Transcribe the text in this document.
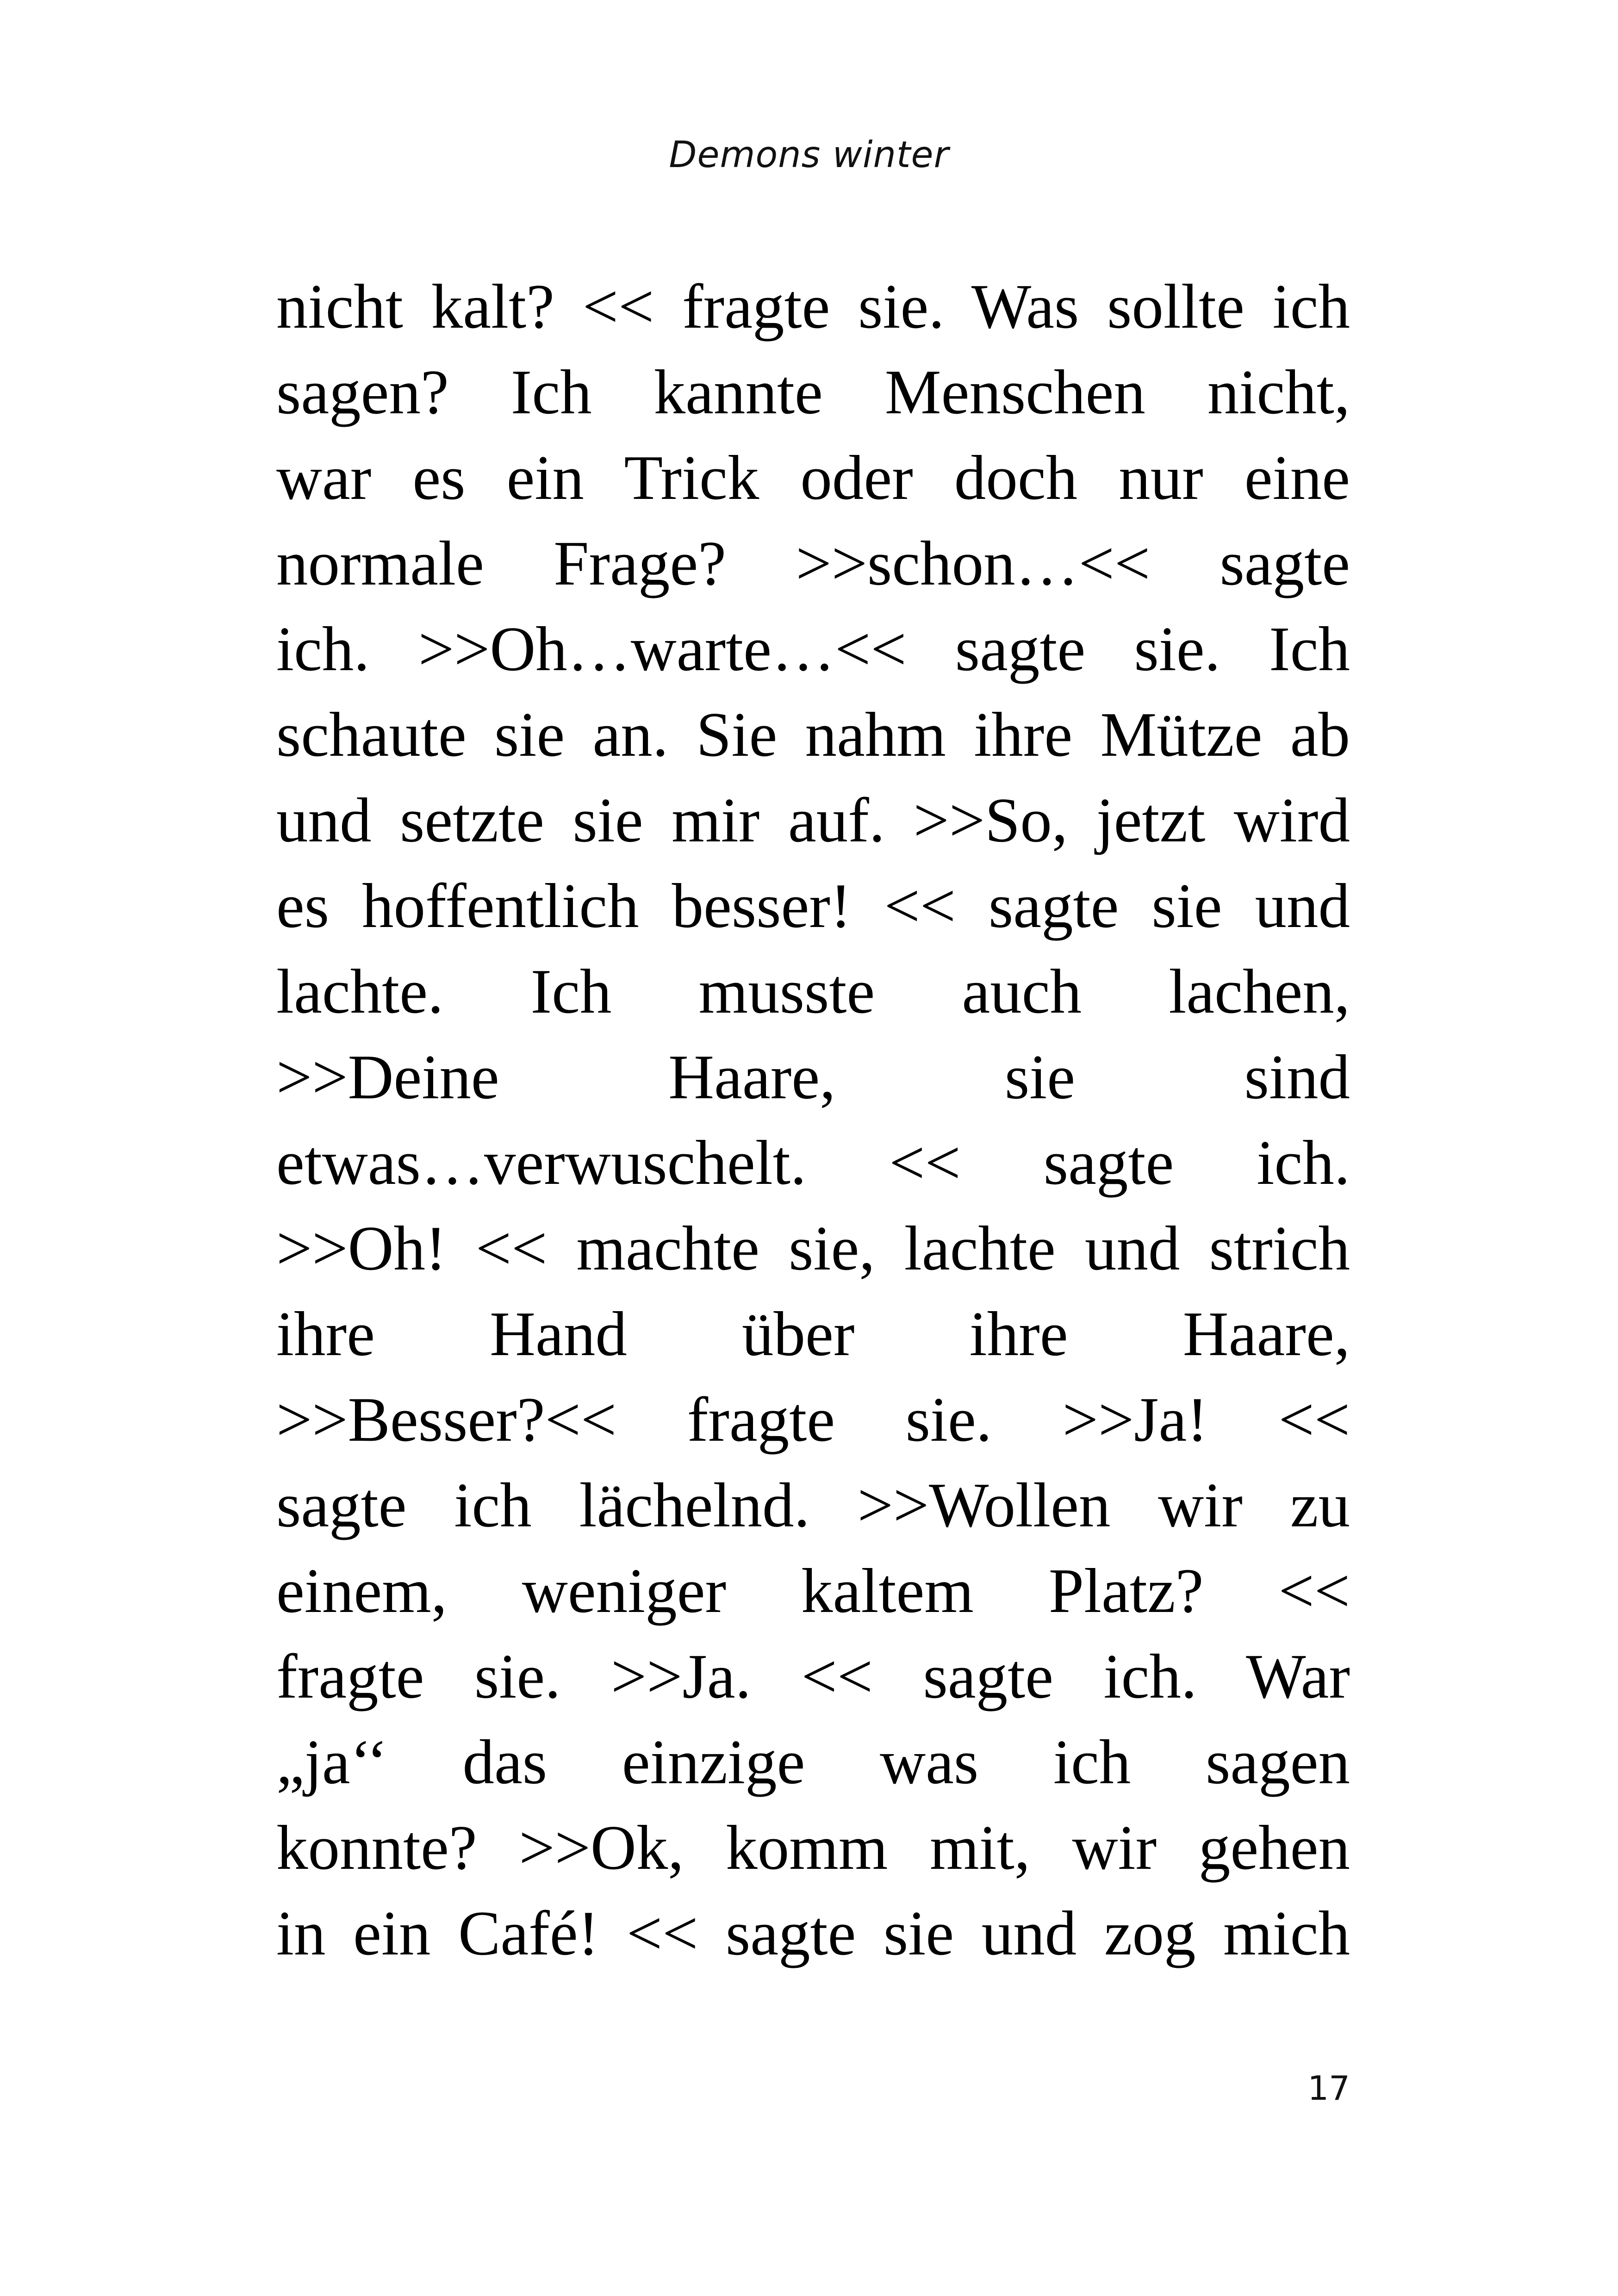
Demons winter
nicht kalt? << fragte sie. Was sollte ich
sagen? Ich kannte Menschen nicht,
war es ein Trick oder doch nur eine
normale Frage? >>schon…<< sagte
ich. >>Oh…warte…<< sagte sie. Ich
schaute sie an. Sie nahm ihre Mütze ab
und setzte sie mir auf. >>So, jetzt wird
es hoffentlich besser! << sagte sie und
lachte. Ich musste auch lachen,
>>Deine Haare, sie sind
etwas…verwuschelt. << sagte ich.
>>Oh! << machte sie, lachte und strich
ihre Hand über ihre Haare,
>>Besser?<< fragte sie. >>Ja! <<
sagte ich lächelnd. >>Wollen wir zu
einem, weniger kaltem Platz? <<
fragte sie. >>Ja. << sagte ich. War
„ja‘‘ das einzige was ich sagen
konnte? >>Ok, komm mit, wir gehen
in ein Café! << sagte sie und zog mich
17
